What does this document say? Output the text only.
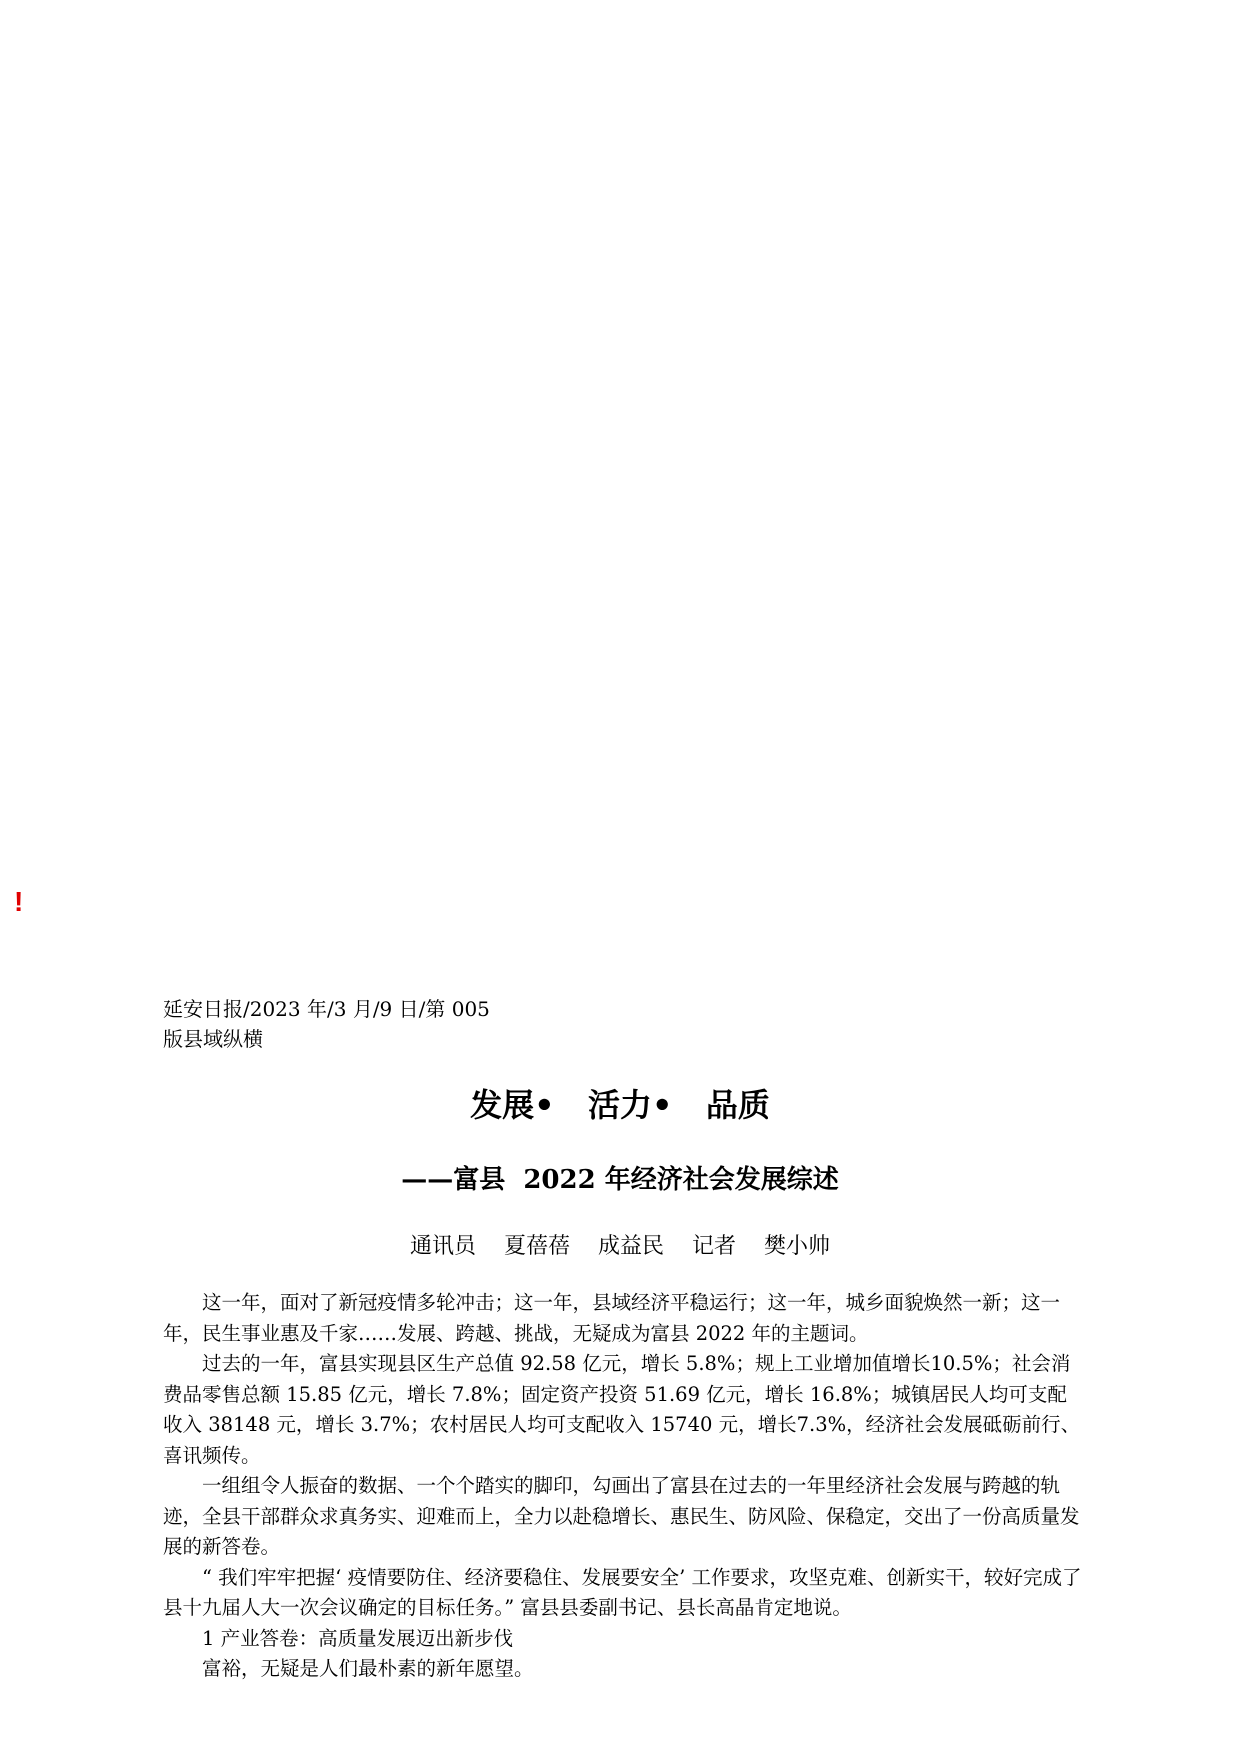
!
延安日报/2023 年/3 月/9 日/第 005
版县域纵横
发展•   活力•   品质
——富县  2022 年经济社会发展综述
通讯员    夏蓓蓓    成益民    记者    樊小帅

这一年，面对了新冠疫情多轮冲击；这一年，县域经济平稳运行；这一年，城乡面貌焕然一新；这一年，民生事业惠及千家……发展、跨越、挑战，无疑成为富县 2022 年的主题词。

过去的一年，富县实现县区生产总值 92.58 亿元，增长 5.8%；规上工业增加值增长10.5%；社会消费品零售总额 15.85 亿元，增长 7.8%；固定资产投资 51.69 亿元，增长 16.8%；城镇居民人均可支配收入 38148 元，增长 3.7%；农村居民人均可支配收入 15740 元，增长7.3%，经济社会发展砥砺前行、喜讯频传。

一组组令人振奋的数据、一个个踏实的脚印，勾画出了富县在过去的一年里经济社会发展与跨越的轨迹，全县干部群众求真务实、迎难而上，全力以赴稳增长、惠民生、防风险、保稳定，交出了一份高质量发展的新答卷。

“ 我们牢牢把握‘ 疫情要防住、经济要稳住、发展要安全’ 工作要求，攻坚克难、创新实干，较好完成了县十九届人大一次会议确定的目标任务。” 富县县委副书记、县长高晶肯定地说。

1 产业答卷：高质量发展迈出新步伐

富裕，无疑是人们最朴素的新年愿望。
